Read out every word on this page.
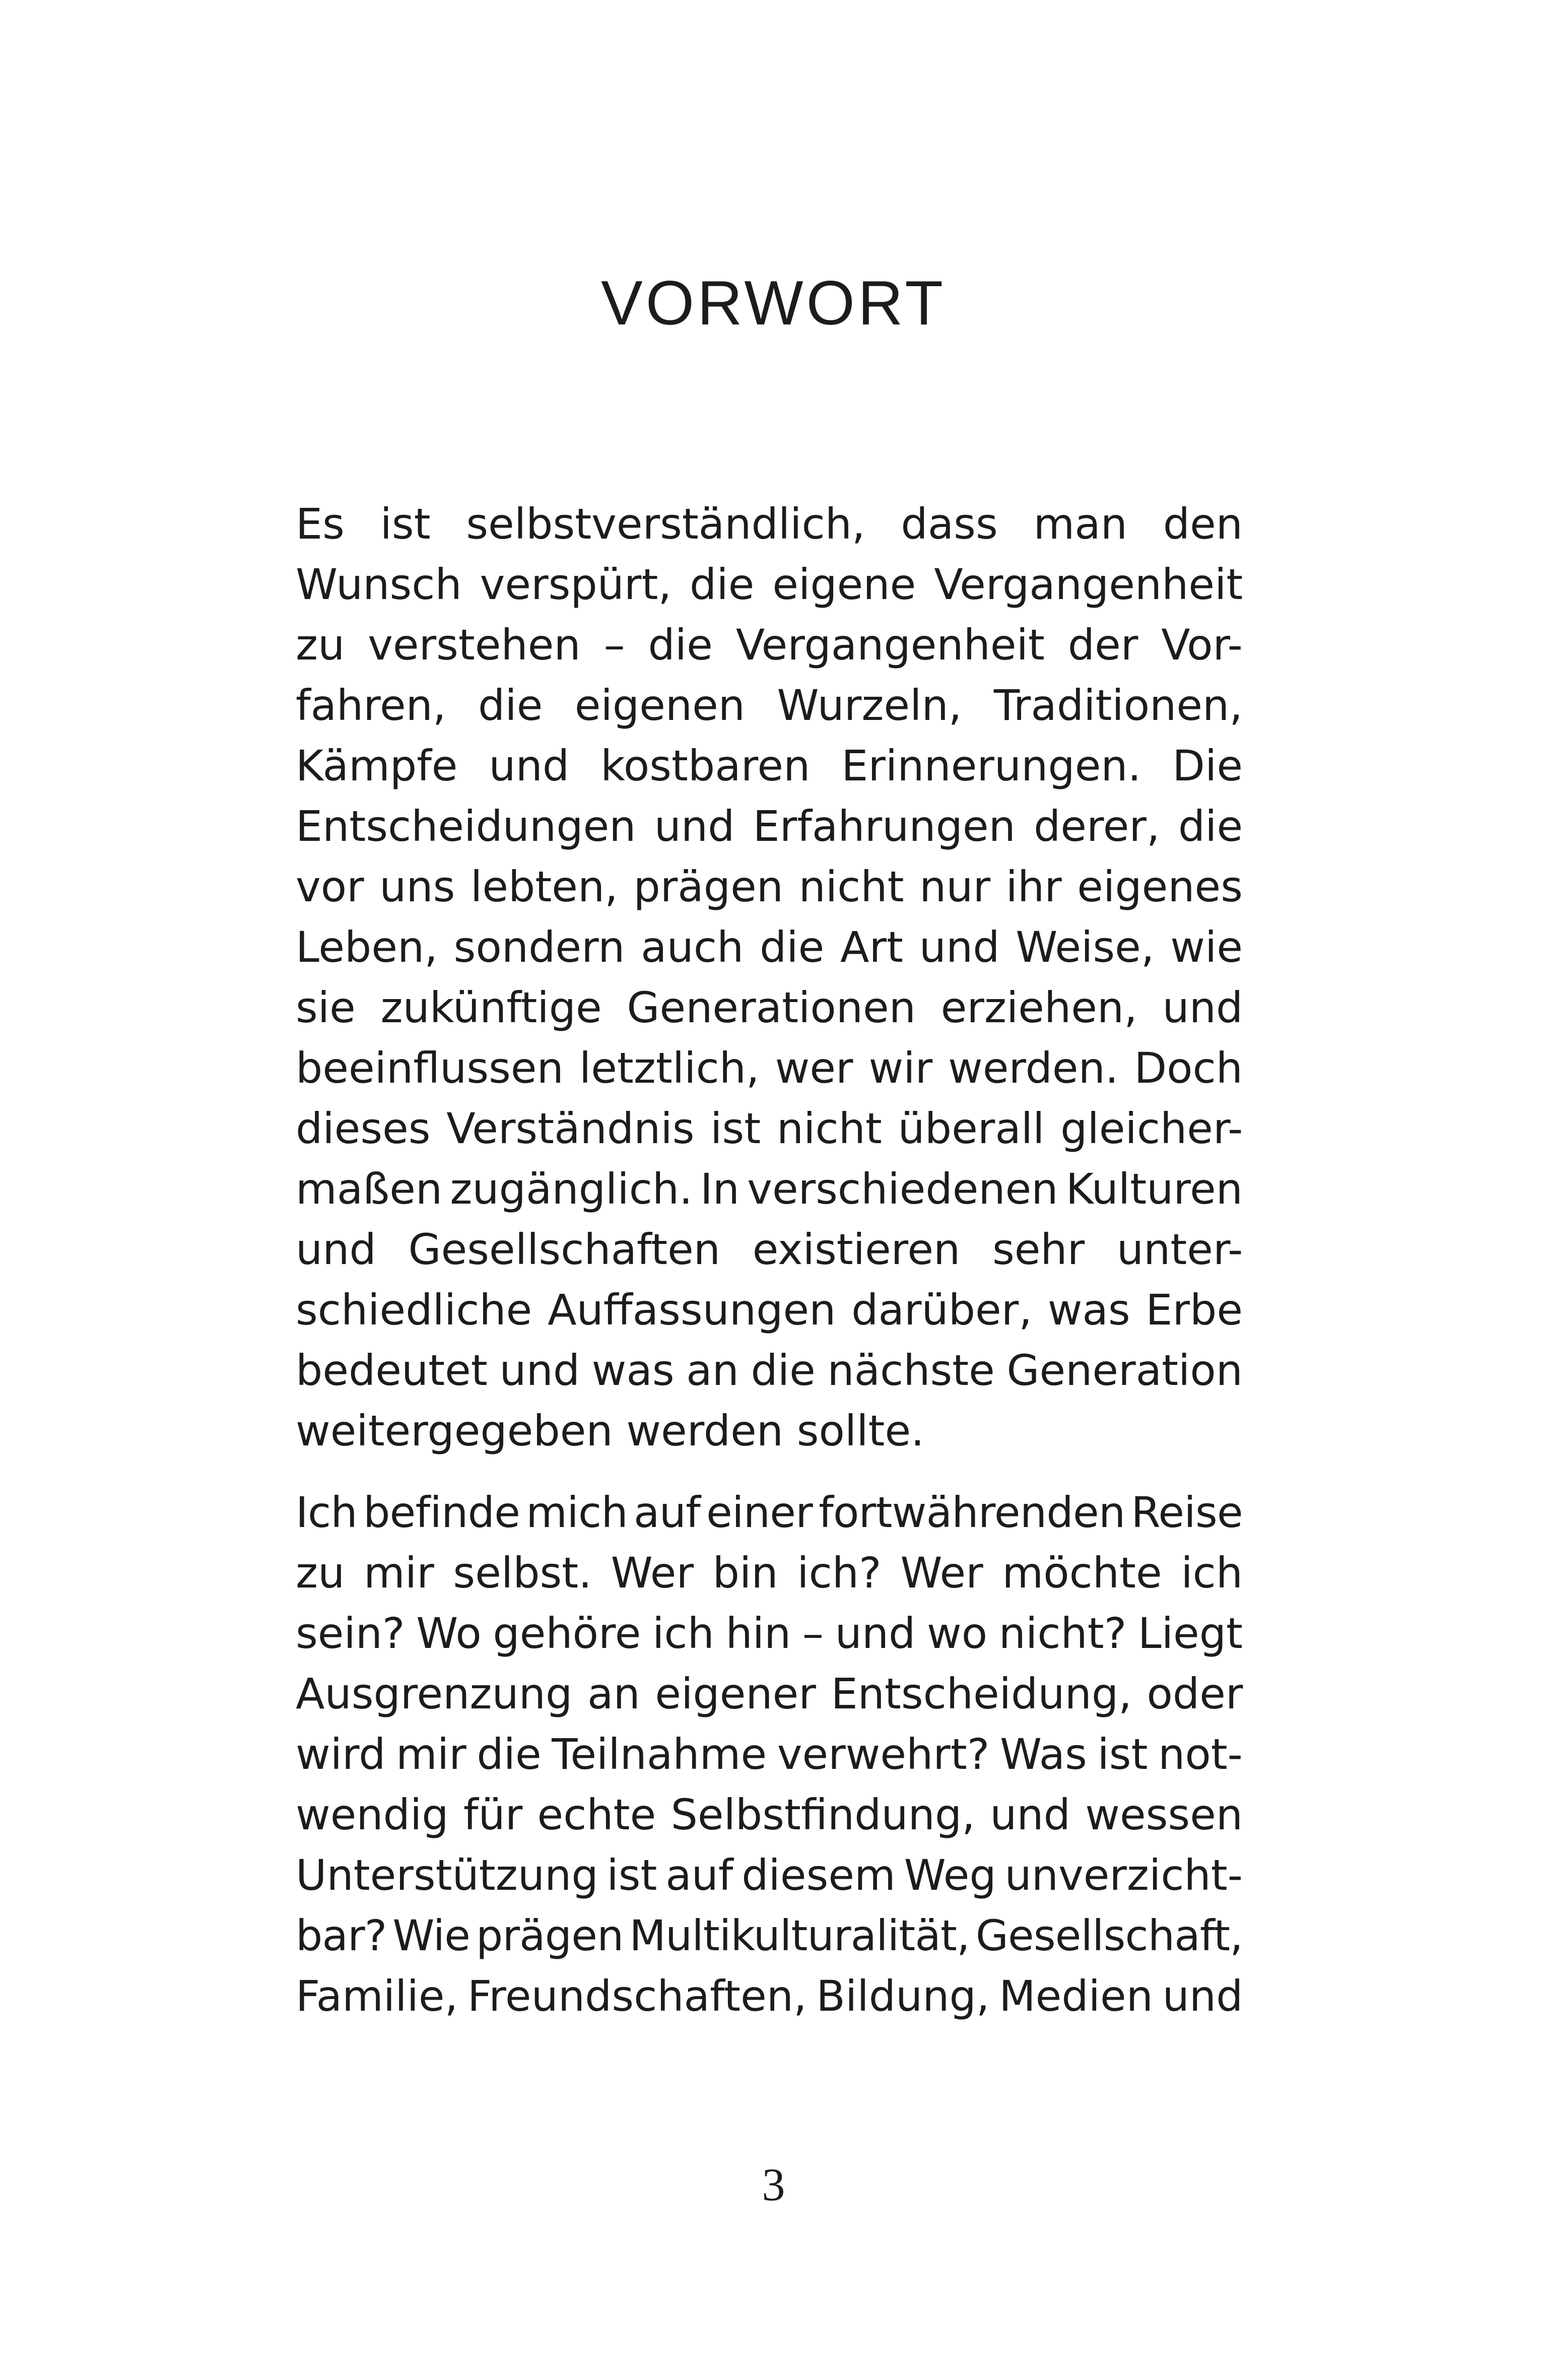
VORWORT

Es ist selbstverständlich, dass man den
Wunsch verspürt, die eigene Vergangenheit
zu verstehen – die Vergangenheit der Vor-
fahren, die eigenen Wurzeln, Traditionen,
Kämpfe und kostbaren Erinnerungen. Die
Entscheidungen und Erfahrungen derer, die
vor uns lebten, prägen nicht nur ihr eigenes
Leben, sondern auch die Art und Weise, wie
sie zukünftige Generationen erziehen, und
beeinflussen letztlich, wer wir werden. Doch
dieses Verständnis ist nicht überall gleicher-
maßen zugänglich. In verschiedenen Kulturen
und Gesellschaften existieren sehr unter-
schiedliche Auffassungen darüber, was Erbe
bedeutet und was an die nächste Generation
weitergegeben werden sollte.

Ich befinde mich auf einer fortwährenden Reise
zu mir selbst. Wer bin ich? Wer möchte ich
sein? Wo gehöre ich hin – und wo nicht? Liegt
Ausgrenzung an eigener Entscheidung, oder
wird mir die Teilnahme verwehrt? Was ist not-
wendig für echte Selbstfindung, und wessen
Unterstützung ist auf diesem Weg unverzicht-
bar? Wie prägen Multikulturalität, Gesellschaft,
Familie, Freundschaften, Bildung, Medien und

3
